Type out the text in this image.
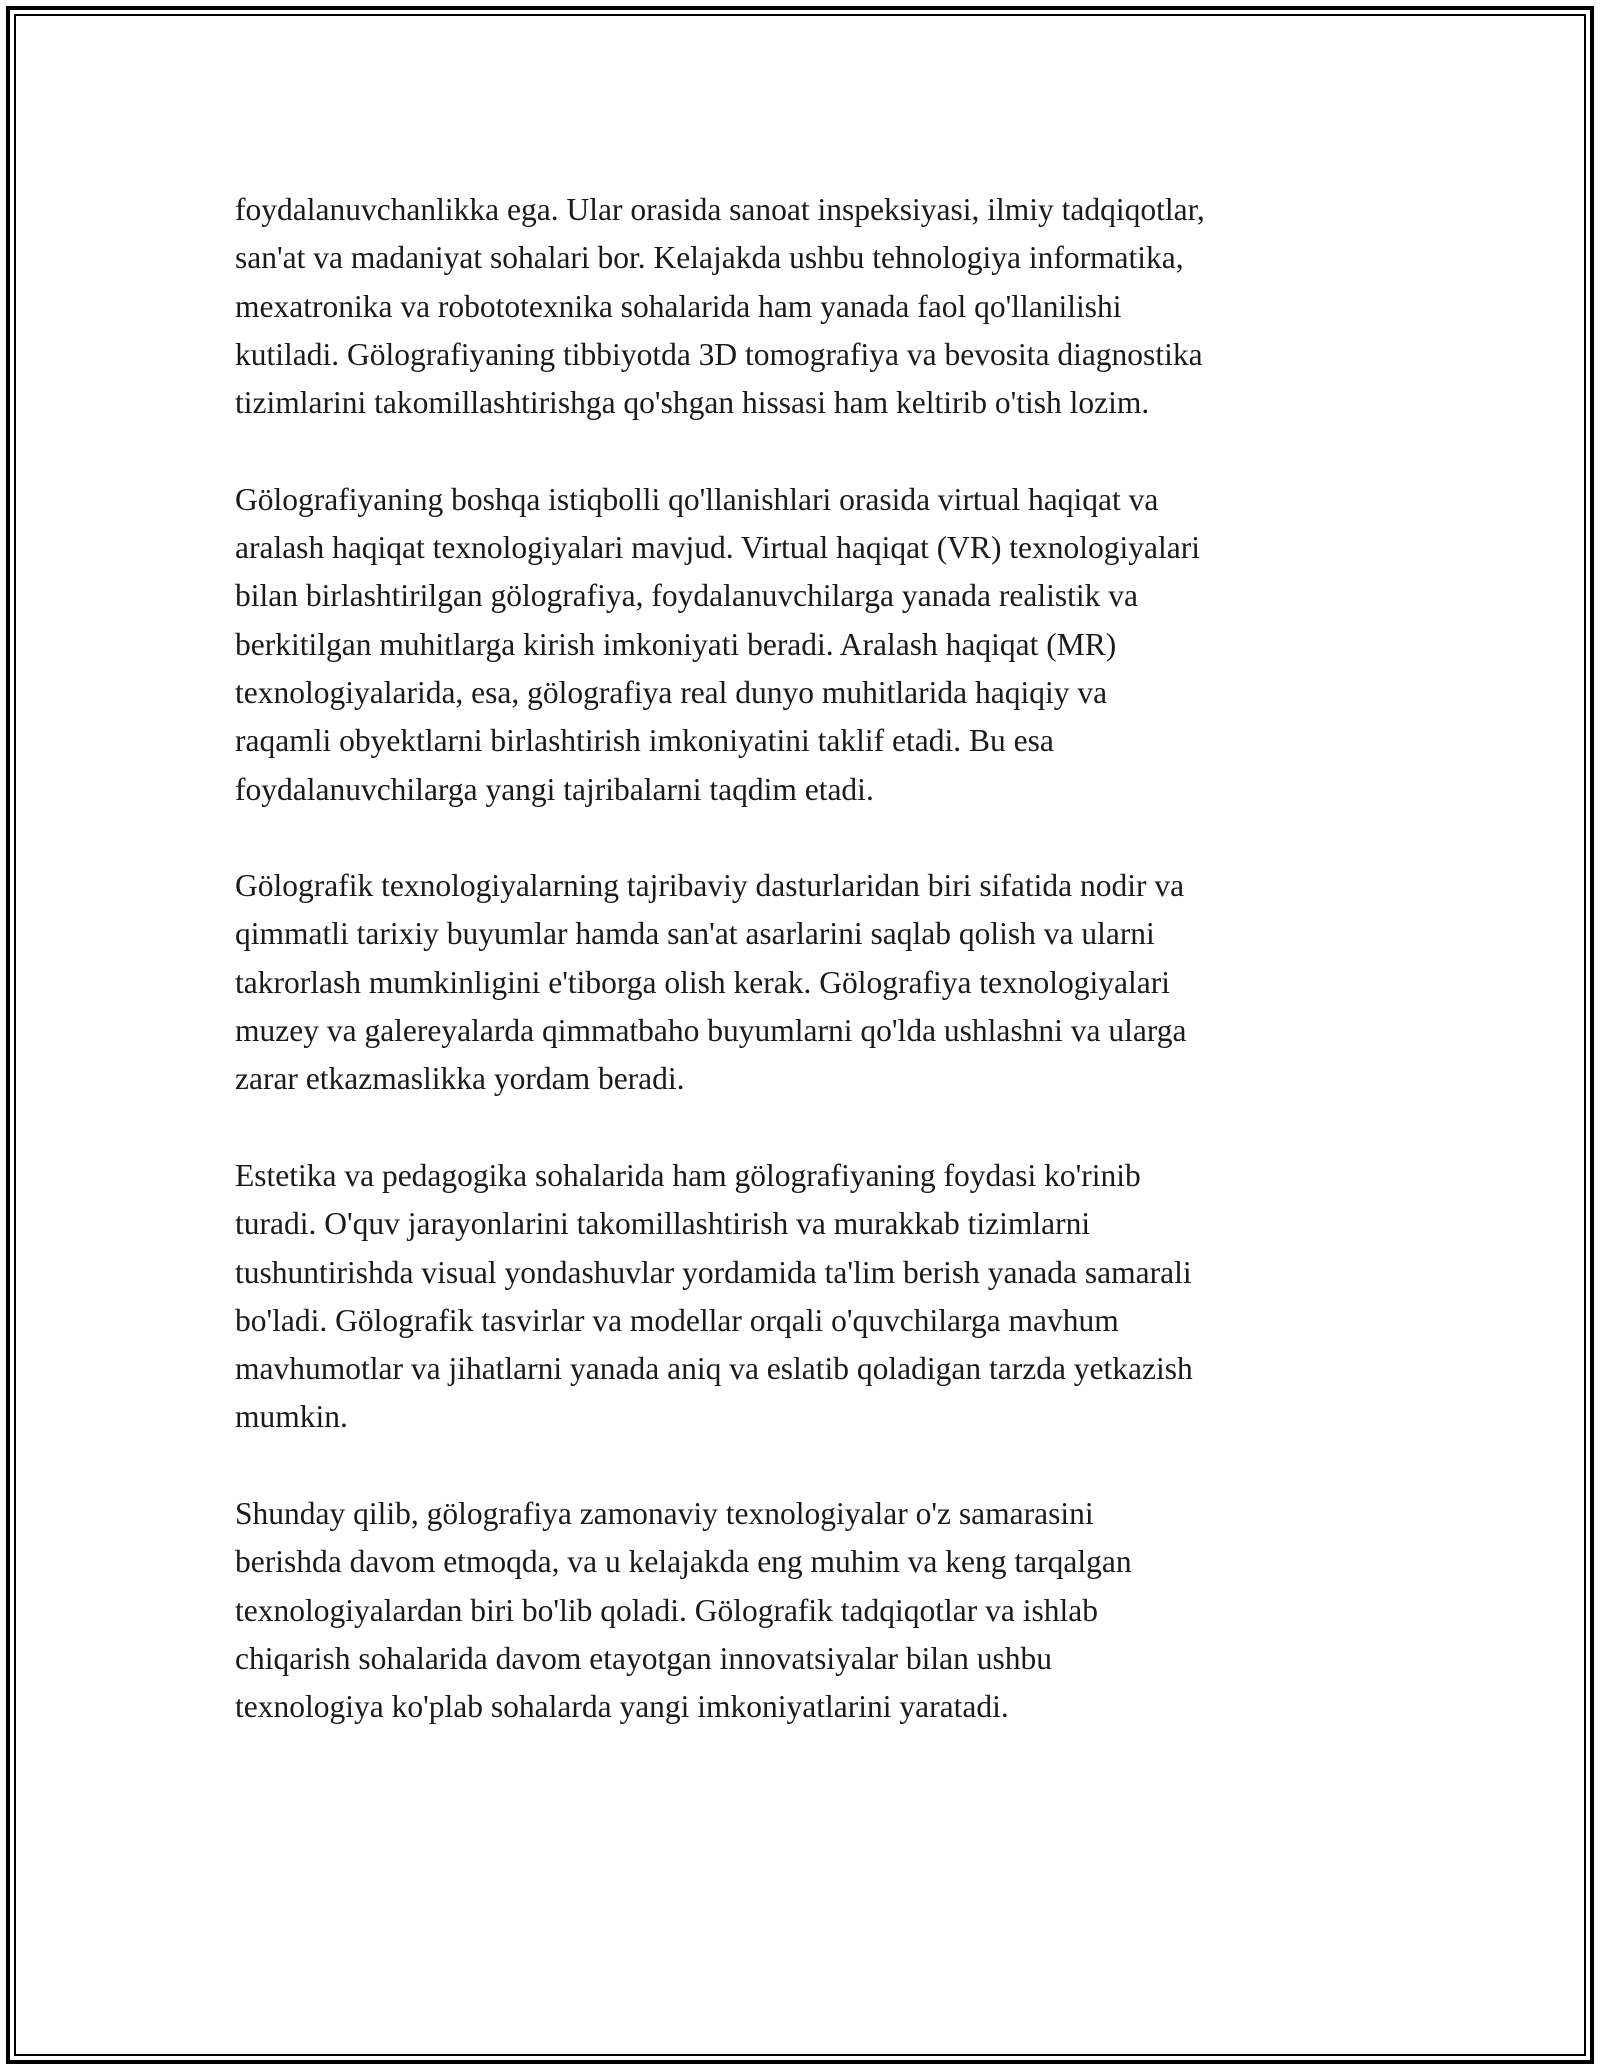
foydalanuvchanlikka ega. Ular orasida sanoat inspeksiyasi, ilmiy tadqiqotlar,
san'at va madaniyat sohalari bor. Kelajakda ushbu tehnologiya informatika,
mexatronika va robototexnika sohalarida ham yanada faol qo'llanilishi
kutiladi. Gölografiyaning tibbiyotda 3D tomografiya va bevosita diagnostika
tizimlarini takomillashtirishga qo'shgan hissasi ham keltirib o'tish lozim.

Gölografiyaning boshqa istiqbolli qo'llanishlari orasida virtual haqiqat va
aralash haqiqat texnologiyalari mavjud. Virtual haqiqat (VR) texnologiyalari
bilan birlashtirilgan gölografiya, foydalanuvchilarga yanada realistik va
berkitilgan muhitlarga kirish imkoniyati beradi. Aralash haqiqat (MR)
texnologiyalarida, esa, gölografiya real dunyo muhitlarida haqiqiy va
raqamli obyektlarni birlashtirish imkoniyatini taklif etadi. Bu esa
foydalanuvchilarga yangi tajribalarni taqdim etadi.

Gölografik texnologiyalarning tajribaviy dasturlaridan biri sifatida nodir va
qimmatli tarixiy buyumlar hamda san'at asarlarini saqlab qolish va ularni
takrorlash mumkinligini e'tiborga olish kerak. Gölografiya texnologiyalari
muzey va galereyalarda qimmatbaho buyumlarni qo'lda ushlashni va ularga
zarar etkazmaslikka yordam beradi.

Estetika va pedagogika sohalarida ham gölografiyaning foydasi ko'rinib
turadi. O'quv jarayonlarini takomillashtirish va murakkab tizimlarni
tushuntirishda visual yondashuvlar yordamida ta'lim berish yanada samarali
bo'ladi. Gölografik tasvirlar va modellar orqali o'quvchilarga mavhum
mavhumotlar va jihatlarni yanada aniq va eslatib qoladigan tarzda yetkazish
mumkin.

Shunday qilib, gölografiya zamonaviy texnologiyalar o'z samarasini
berishda davom etmoqda, va u kelajakda eng muhim va keng tarqalgan
texnologiyalardan biri bo'lib qoladi. Gölografik tadqiqotlar va ishlab
chiqarish sohalarida davom etayotgan innovatsiyalar bilan ushbu
texnologiya ko'plab sohalarda yangi imkoniyatlarini yaratadi.
